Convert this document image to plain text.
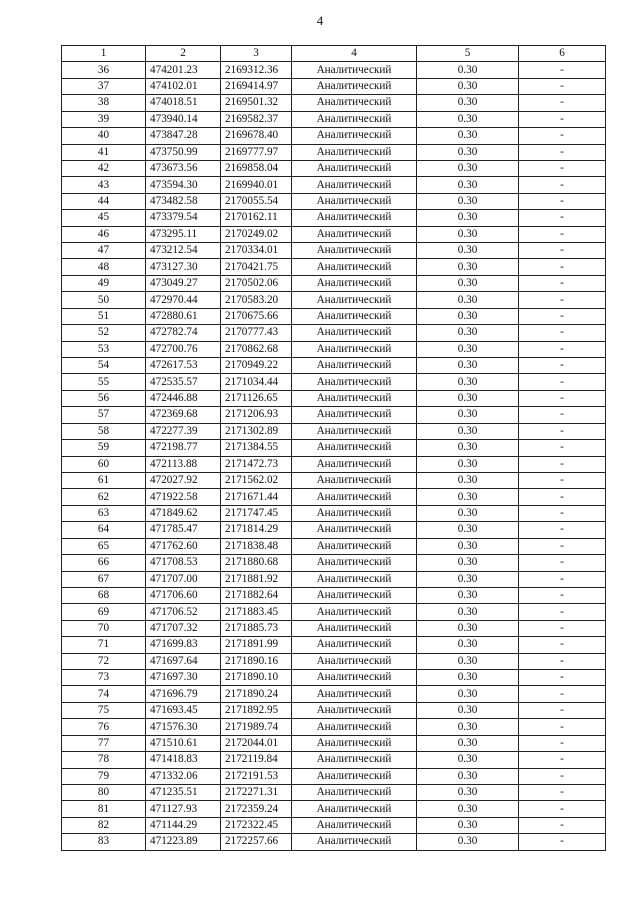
4
1	2	3	4	5	6
36	474201.23	2169312.36	Аналитический	0.30	-
37	474102.01	2169414.97	Аналитический	0.30	-
38	474018.51	2169501.32	Аналитический	0.30	-
39	473940.14	2169582.37	Аналитический	0.30	-
40	473847.28	2169678.40	Аналитический	0.30	-
41	473750.99	2169777.97	Аналитический	0.30	-
42	473673.56	2169858.04	Аналитический	0.30	-
43	473594.30	2169940.01	Аналитический	0.30	-
44	473482.58	2170055.54	Аналитический	0.30	-
45	473379.54	2170162.11	Аналитический	0.30	-
46	473295.11	2170249.02	Аналитический	0.30	-
47	473212.54	2170334.01	Аналитический	0.30	-
48	473127.30	2170421.75	Аналитический	0.30	-
49	473049.27	2170502.06	Аналитический	0.30	-
50	472970.44	2170583.20	Аналитический	0.30	-
51	472880.61	2170675.66	Аналитический	0.30	-
52	472782.74	2170777.43	Аналитический	0.30	-
53	472700.76	2170862.68	Аналитический	0.30	-
54	472617.53	2170949.22	Аналитический	0.30	-
55	472535.57	2171034.44	Аналитический	0.30	-
56	472446.88	2171126.65	Аналитический	0.30	-
57	472369.68	2171206.93	Аналитический	0.30	-
58	472277.39	2171302.89	Аналитический	0.30	-
59	472198.77	2171384.55	Аналитический	0.30	-
60	472113.88	2171472.73	Аналитический	0.30	-
61	472027.92	2171562.02	Аналитический	0.30	-
62	471922.58	2171671.44	Аналитический	0.30	-
63	471849.62	2171747.45	Аналитический	0.30	-
64	471785.47	2171814.29	Аналитический	0.30	-
65	471762.60	2171838.48	Аналитический	0.30	-
66	471708.53	2171880.68	Аналитический	0.30	-
67	471707.00	2171881.92	Аналитический	0.30	-
68	471706.60	2171882.64	Аналитический	0.30	-
69	471706.52	2171883.45	Аналитический	0.30	-
70	471707.32	2171885.73	Аналитический	0.30	-
71	471699.83	2171891.99	Аналитический	0.30	-
72	471697.64	2171890.16	Аналитический	0.30	-
73	471697.30	2171890.10	Аналитический	0.30	-
74	471696.79	2171890.24	Аналитический	0.30	-
75	471693.45	2171892.95	Аналитический	0.30	-
76	471576.30	2171989.74	Аналитический	0.30	-
77	471510.61	2172044.01	Аналитический	0.30	-
78	471418.83	2172119.84	Аналитический	0.30	-
79	471332.06	2172191.53	Аналитический	0.30	-
80	471235.51	2172271.31	Аналитический	0.30	-
81	471127.93	2172359.24	Аналитический	0.30	-
82	471144.29	2172322.45	Аналитический	0.30	-
83	471223.89	2172257.66	Аналитический	0.30	-
